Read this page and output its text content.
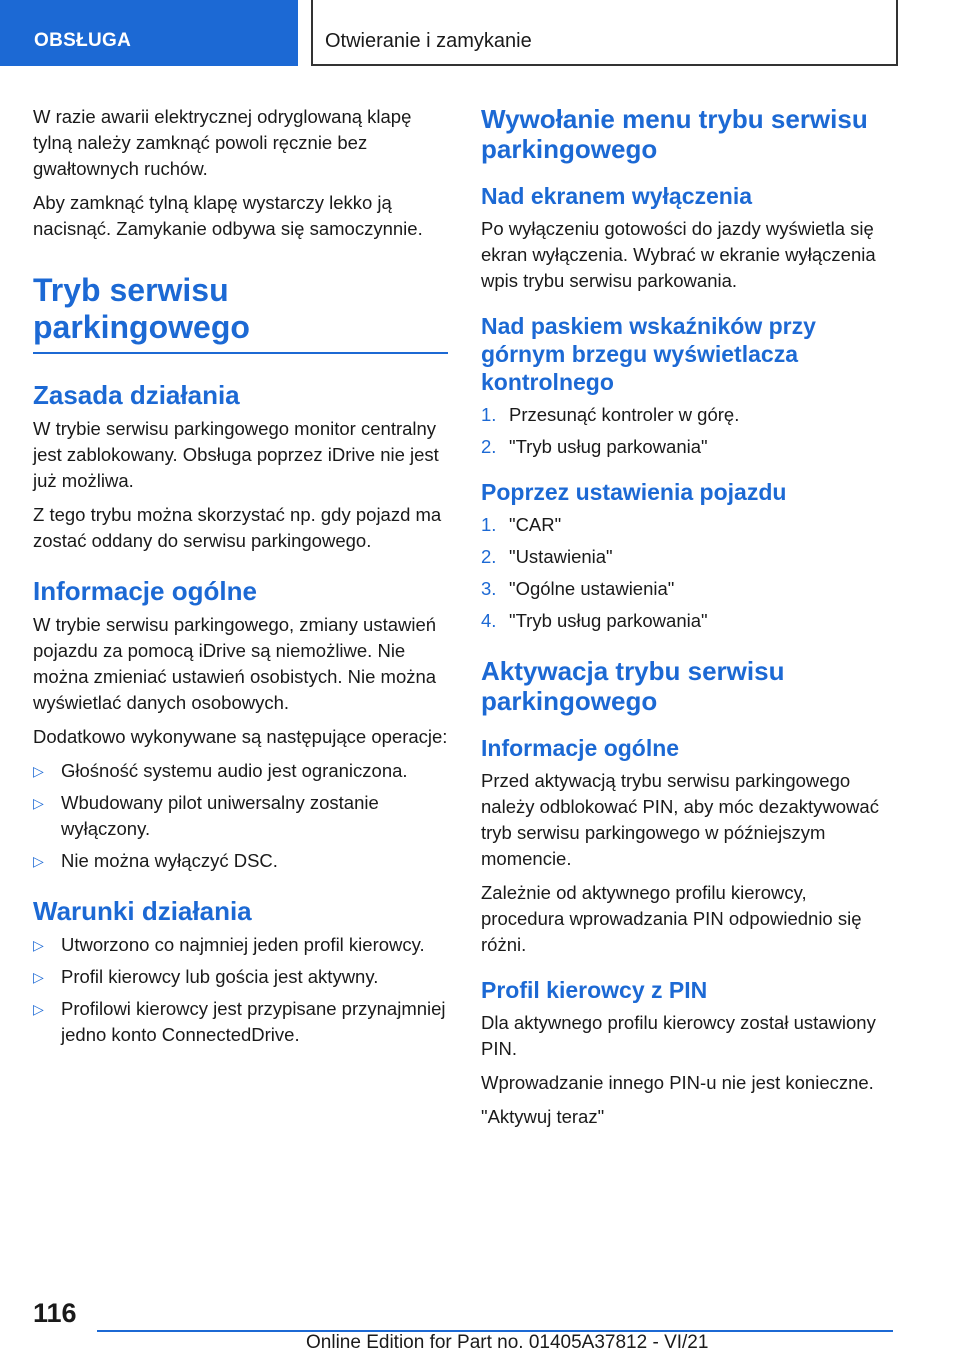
OBSŁUGA	Otwieranie i zamykanie

W razie awarii elektrycznej odryglowaną klapę tylną należy zamknąć powoli ręcznie bez gwałtownych ruchów.

Aby zamknąć tylną klapę wystarczy lekko ją nacisnąć. Zamykanie odbywa się samoczynnie.

Tryb serwisu parkingowego
Zasada działania

W trybie serwisu parkingowego monitor centralny jest zablokowany. Obsługa poprzez iDrive nie jest już możliwa.

Z tego trybu można skorzystać np. gdy pojazd ma zostać oddany do serwisu parkingowego.

Informacje ogólne

W trybie serwisu parkingowego, zmiany ustawień pojazdu za pomocą iDrive są niemożliwe. Nie można zmieniać ustawień osobistych. Nie można wyświetlać danych osobowych.

Dodatkowo wykonywane są następujące operacje:

▷ Głośność systemu audio jest ograniczona.
▷ Wbudowany pilot uniwersalny zostanie wyłączony.
▷ Nie można wyłączyć DSC.
Warunki działania
▷ Utworzono co najmniej jeden profil kierowcy.
▷ Profil kierowcy lub gościa jest aktywny.
▷ Profilowi kierowcy jest przypisane przynajmniej jedno konto ConnectedDrive.
Wywołanie menu trybu serwisu parkingowego
Nad ekranem wyłączenia

Po wyłączeniu gotowości do jazdy wyświetla się ekran wyłączenia. Wybrać w ekranie wyłączenia wpis trybu serwisu parkowania.

Nad paskiem wskaźników przy górnym brzegu wyświetlacza kontrolnego
1. Przesunąć kontroler w górę.
2. "Tryb usług parkowania"
Poprzez ustawienia pojazdu
1. "CAR"
2. "Ustawienia"
3. "Ogólne ustawienia"
4. "Tryb usług parkowania"
Aktywacja trybu serwisu parkingowego
Informacje ogólne

Przed aktywacją trybu serwisu parkingowego należy odblokować PIN, aby móc dezaktywować tryb serwisu parkingowego w późniejszym momencie.

Zależnie od aktywnego profilu kierowcy, procedura wprowadzania PIN odpowiednio się różni.

Profil kierowcy z PIN

Dla aktywnego profilu kierowcy został ustawiony PIN.

Wprowadzanie innego PIN-u nie jest konieczne.

"Aktywuj teraz"

116
Online Edition for Part no. 01405A37812 - VI/21
